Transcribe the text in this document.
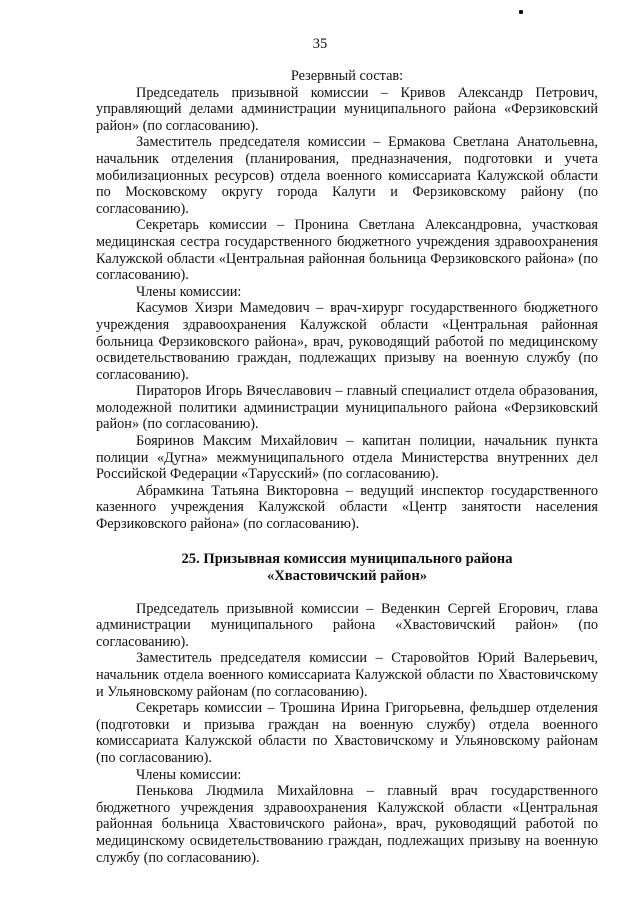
35
Резервный состав:

Председатель призывной комиссии – Кривов Александр Петрович, управляющий делами администрации муниципального района «Ферзиковский район» (по согласованию).

Заместитель председателя комиссии – Ермакова Светлана Анатольевна, начальник отделения (планирования, предназначения, подготовки и учета мобилизационных ресурсов) отдела военного комиссариата Калужской области по Московскому округу города Калуги и Ферзиковскому району (по согласованию).

Секретарь комиссии – Пронина Светлана Александровна, участковая медицинская сестра государственного бюджетного учреждения здравоохранения Калужской области «Центральная районная больница Ферзиковского района» (по согласованию).

Члены комиссии:

Касумов Хизри Мамедович – врач-хирург государственного бюджетного учреждения здравоохранения Калужской области «Центральная районная больница Ферзиковского района», врач, руководящий работой по медицинскому освидетельствованию граждан, подлежащих призыву на военную службу (по согласованию).

Пираторов Игорь Вячеславович – главный специалист отдела образования, молодежной политики администрации муниципального района «Ферзиковский район» (по согласованию).

Бояринов Максим Михайлович – капитан полиции, начальник пункта полиции «Дугна» межмуниципального отдела Министерства внутренних дел Российской Федерации «Тарусский» (по согласованию).

Абрамкина Татьяна Викторовна – ведущий инспектор государственного казенного учреждения Калужской области «Центр занятости населения Ферзиковского района» (по согласованию).

25. Призывная комиссия муниципального района
«Хвастовичский район»

Председатель призывной комиссии – Веденкин Сергей Егорович, глава администрации муниципального района «Хвастовичский район» (по согласованию).

Заместитель председателя комиссии – Старовойтов Юрий Валерьевич, начальник отдела военного комиссариата Калужской области по Хвастовичскому и Ульяновскому районам (по согласованию).

Секретарь комиссии – Трошина Ирина Григорьевна, фельдшер отделения (подготовки и призыва граждан на военную службу) отдела военного комиссариата Калужской области по Хвастовичскому и Ульяновскому районам (по согласованию).

Члены комиссии:

Пенькова Людмила Михайловна – главный врач государственного бюджетного учреждения здравоохранения Калужской области «Центральная районная больница Хвастовичского района», врач, руководящий работой по медицинскому освидетельствованию граждан, подлежащих призыву на военную службу (по согласованию).
